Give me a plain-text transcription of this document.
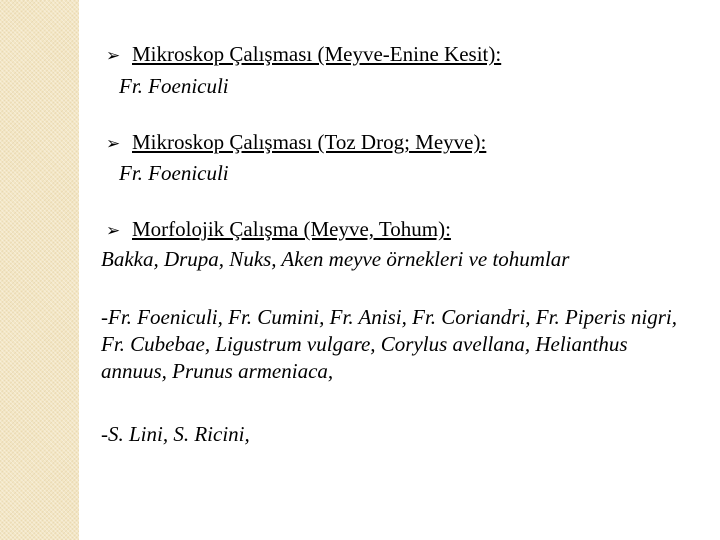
➢ Mikroskop Çalışması (Meyve-Enine Kesit):
Fr. Foeniculi
➢ Mikroskop Çalışması (Toz Drog; Meyve):
Fr. Foeniculi
➢ Morfolojik Çalışma (Meyve, Tohum):
Bakka, Drupa, Nuks, Aken meyve örnekleri ve tohumlar
-Fr. Foeniculi, Fr. Cumini, Fr. Anisi, Fr. Coriandri, Fr. Piperis nigri, Fr. Cubebae, Ligustrum vulgare, Corylus avellana, Helianthus annuus, Prunus armeniaca,
-S. Lini, S. Ricini,
